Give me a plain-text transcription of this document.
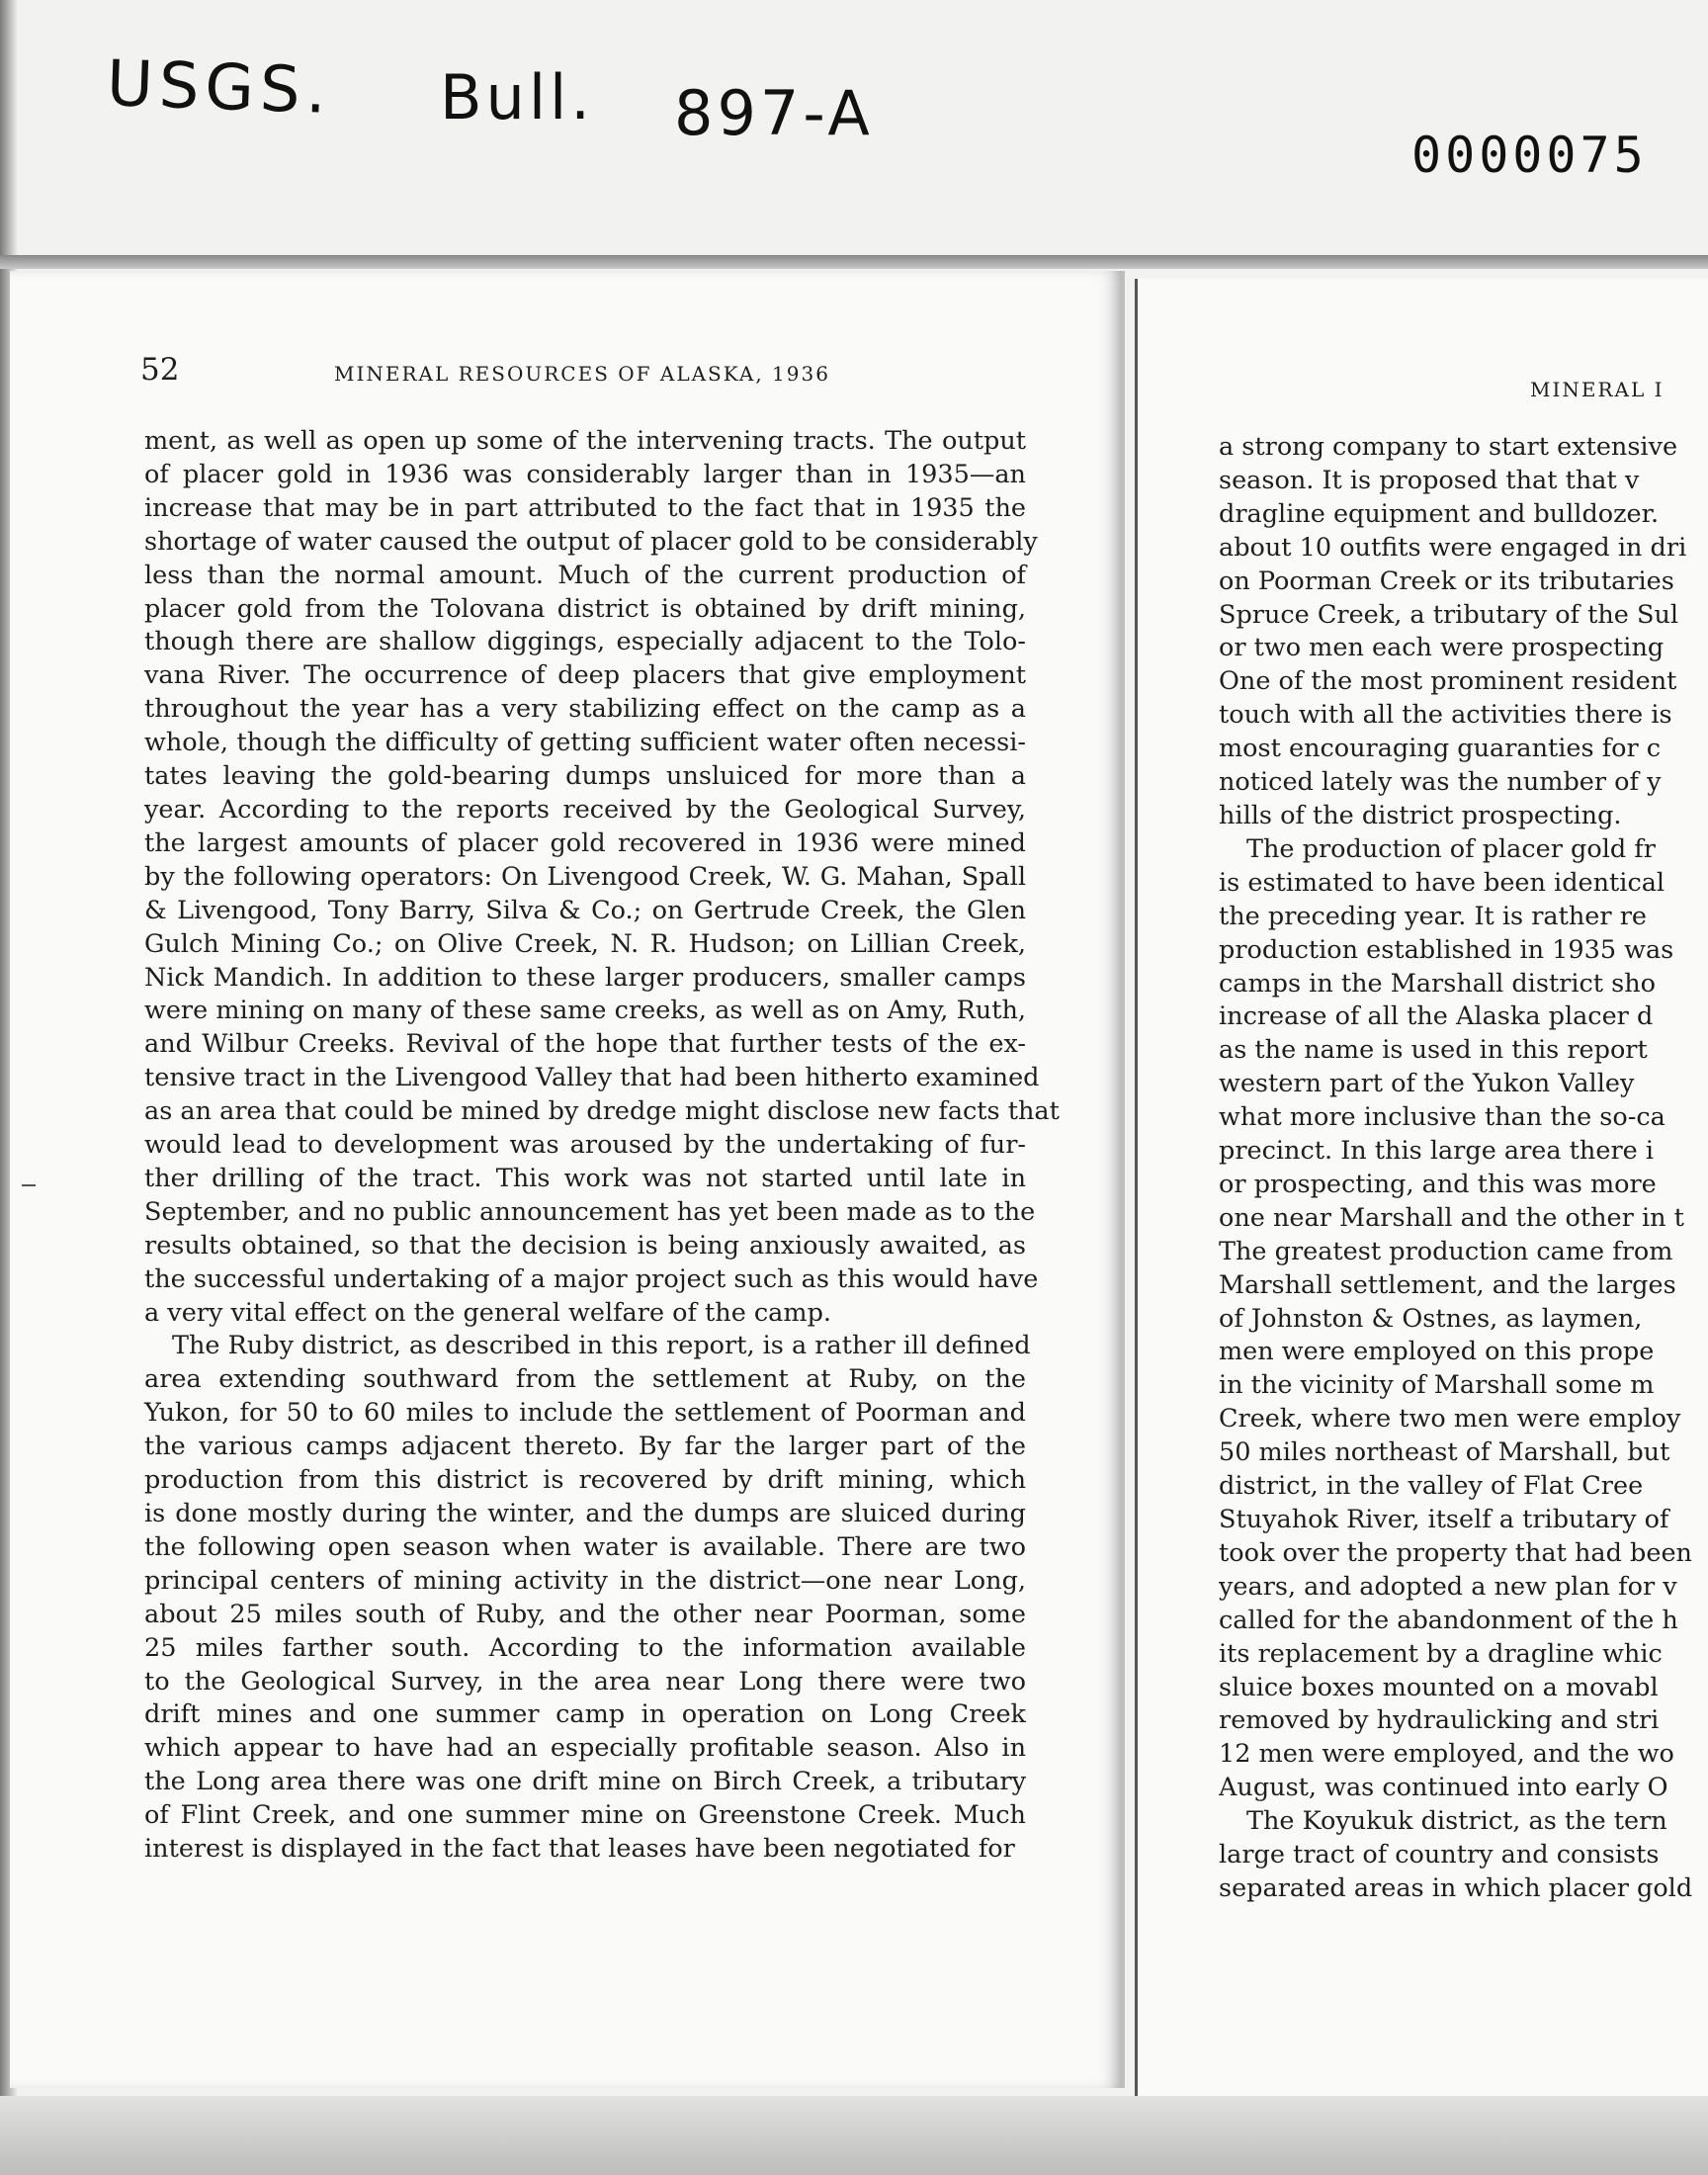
USGS. Bull. 897-A
0000075
52	MINERAL RESOURCES OF ALASKA, 1936
MINERAL I
ment, as well as open up some of the intervening tracts. The output
of placer gold in 1936 was considerably larger than in 1935—an
increase that may be in part attributed to the fact that in 1935 the
shortage of water caused the output of placer gold to be considerably
less than the normal amount. Much of the current production of
placer gold from the Tolovana district is obtained by drift mining,
though there are shallow diggings, especially adjacent to the Tolo-
vana River. The occurrence of deep placers that give employment
throughout the year has a very stabilizing effect on the camp as a
whole, though the difficulty of getting sufficient water often necessi-
tates leaving the gold-bearing dumps unsluiced for more than a
year. According to the reports received by the Geological Survey,
the largest amounts of placer gold recovered in 1936 were mined
by the following operators: On Livengood Creek, W. G. Mahan, Spall
& Livengood, Tony Barry, Silva & Co.; on Gertrude Creek, the Glen
Gulch Mining Co.; on Olive Creek, N. R. Hudson; on Lillian Creek,
Nick Mandich. In addition to these larger producers, smaller camps
were mining on many of these same creeks, as well as on Amy, Ruth,
and Wilbur Creeks. Revival of the hope that further tests of the ex-
tensive tract in the Livengood Valley that had been hitherto examined
as an area that could be mined by dredge might disclose new facts that
would lead to development was aroused by the undertaking of fur-
ther drilling of the tract. This work was not started until late in
September, and no public announcement has yet been made as to the
results obtained, so that the decision is being anxiously awaited, as
the successful undertaking of a major project such as this would have
a very vital effect on the general welfare of the camp.
The Ruby district, as described in this report, is a rather ill defined
area extending southward from the settlement at Ruby, on the
Yukon, for 50 to 60 miles to include the settlement of Poorman and
the various camps adjacent thereto. By far the larger part of the
production from this district is recovered by drift mining, which
is done mostly during the winter, and the dumps are sluiced during
the following open season when water is available. There are two
principal centers of mining activity in the district—one near Long,
about 25 miles south of Ruby, and the other near Poorman, some
25 miles farther south. According to the information available
to the Geological Survey, in the area near Long there were two
drift mines and one summer camp in operation on Long Creek
which appear to have had an especially profitable season. Also in
the Long area there was one drift mine on Birch Creek, a tributary
of Flint Creek, and one summer mine on Greenstone Creek. Much
interest is displayed in the fact that leases have been negotiated for
a strong company to start extensive
season. It is proposed that that v
dragline equipment and bulldozer.
about 10 outfits were engaged in dri
on Poorman Creek or its tributaries
Spruce Creek, a tributary of the Sul
or two men each were prospecting
One of the most prominent resident
touch with all the activities there is
most encouraging guaranties for c
noticed lately was the number of y
hills of the district prospecting.
The production of placer gold fr
is estimated to have been identical
the preceding year. It is rather re
production established in 1935 was
camps in the Marshall district sho
increase of all the Alaska placer d
as the name is used in this report
western part of the Yukon Valley
what more inclusive than the so-ca
precinct. In this large area there i
or prospecting, and this was more
one near Marshall and the other in t
The greatest production came from
Marshall settlement, and the larges
of Johnston & Ostnes, as laymen,
men were employed on this prope
in the vicinity of Marshall some m
Creek, where two men were employ
50 miles northeast of Marshall, but
district, in the valley of Flat Cree
Stuyahok River, itself a tributary of
took over the property that had been
years, and adopted a new plan for v
called for the abandonment of the h
its replacement by a dragline whic
sluice boxes mounted on a movabl
removed by hydraulicking and stri
12 men were employed, and the wo
August, was continued into early O
The Koyukuk district, as the tern
large tract of country and consists
separated areas in which placer gold
